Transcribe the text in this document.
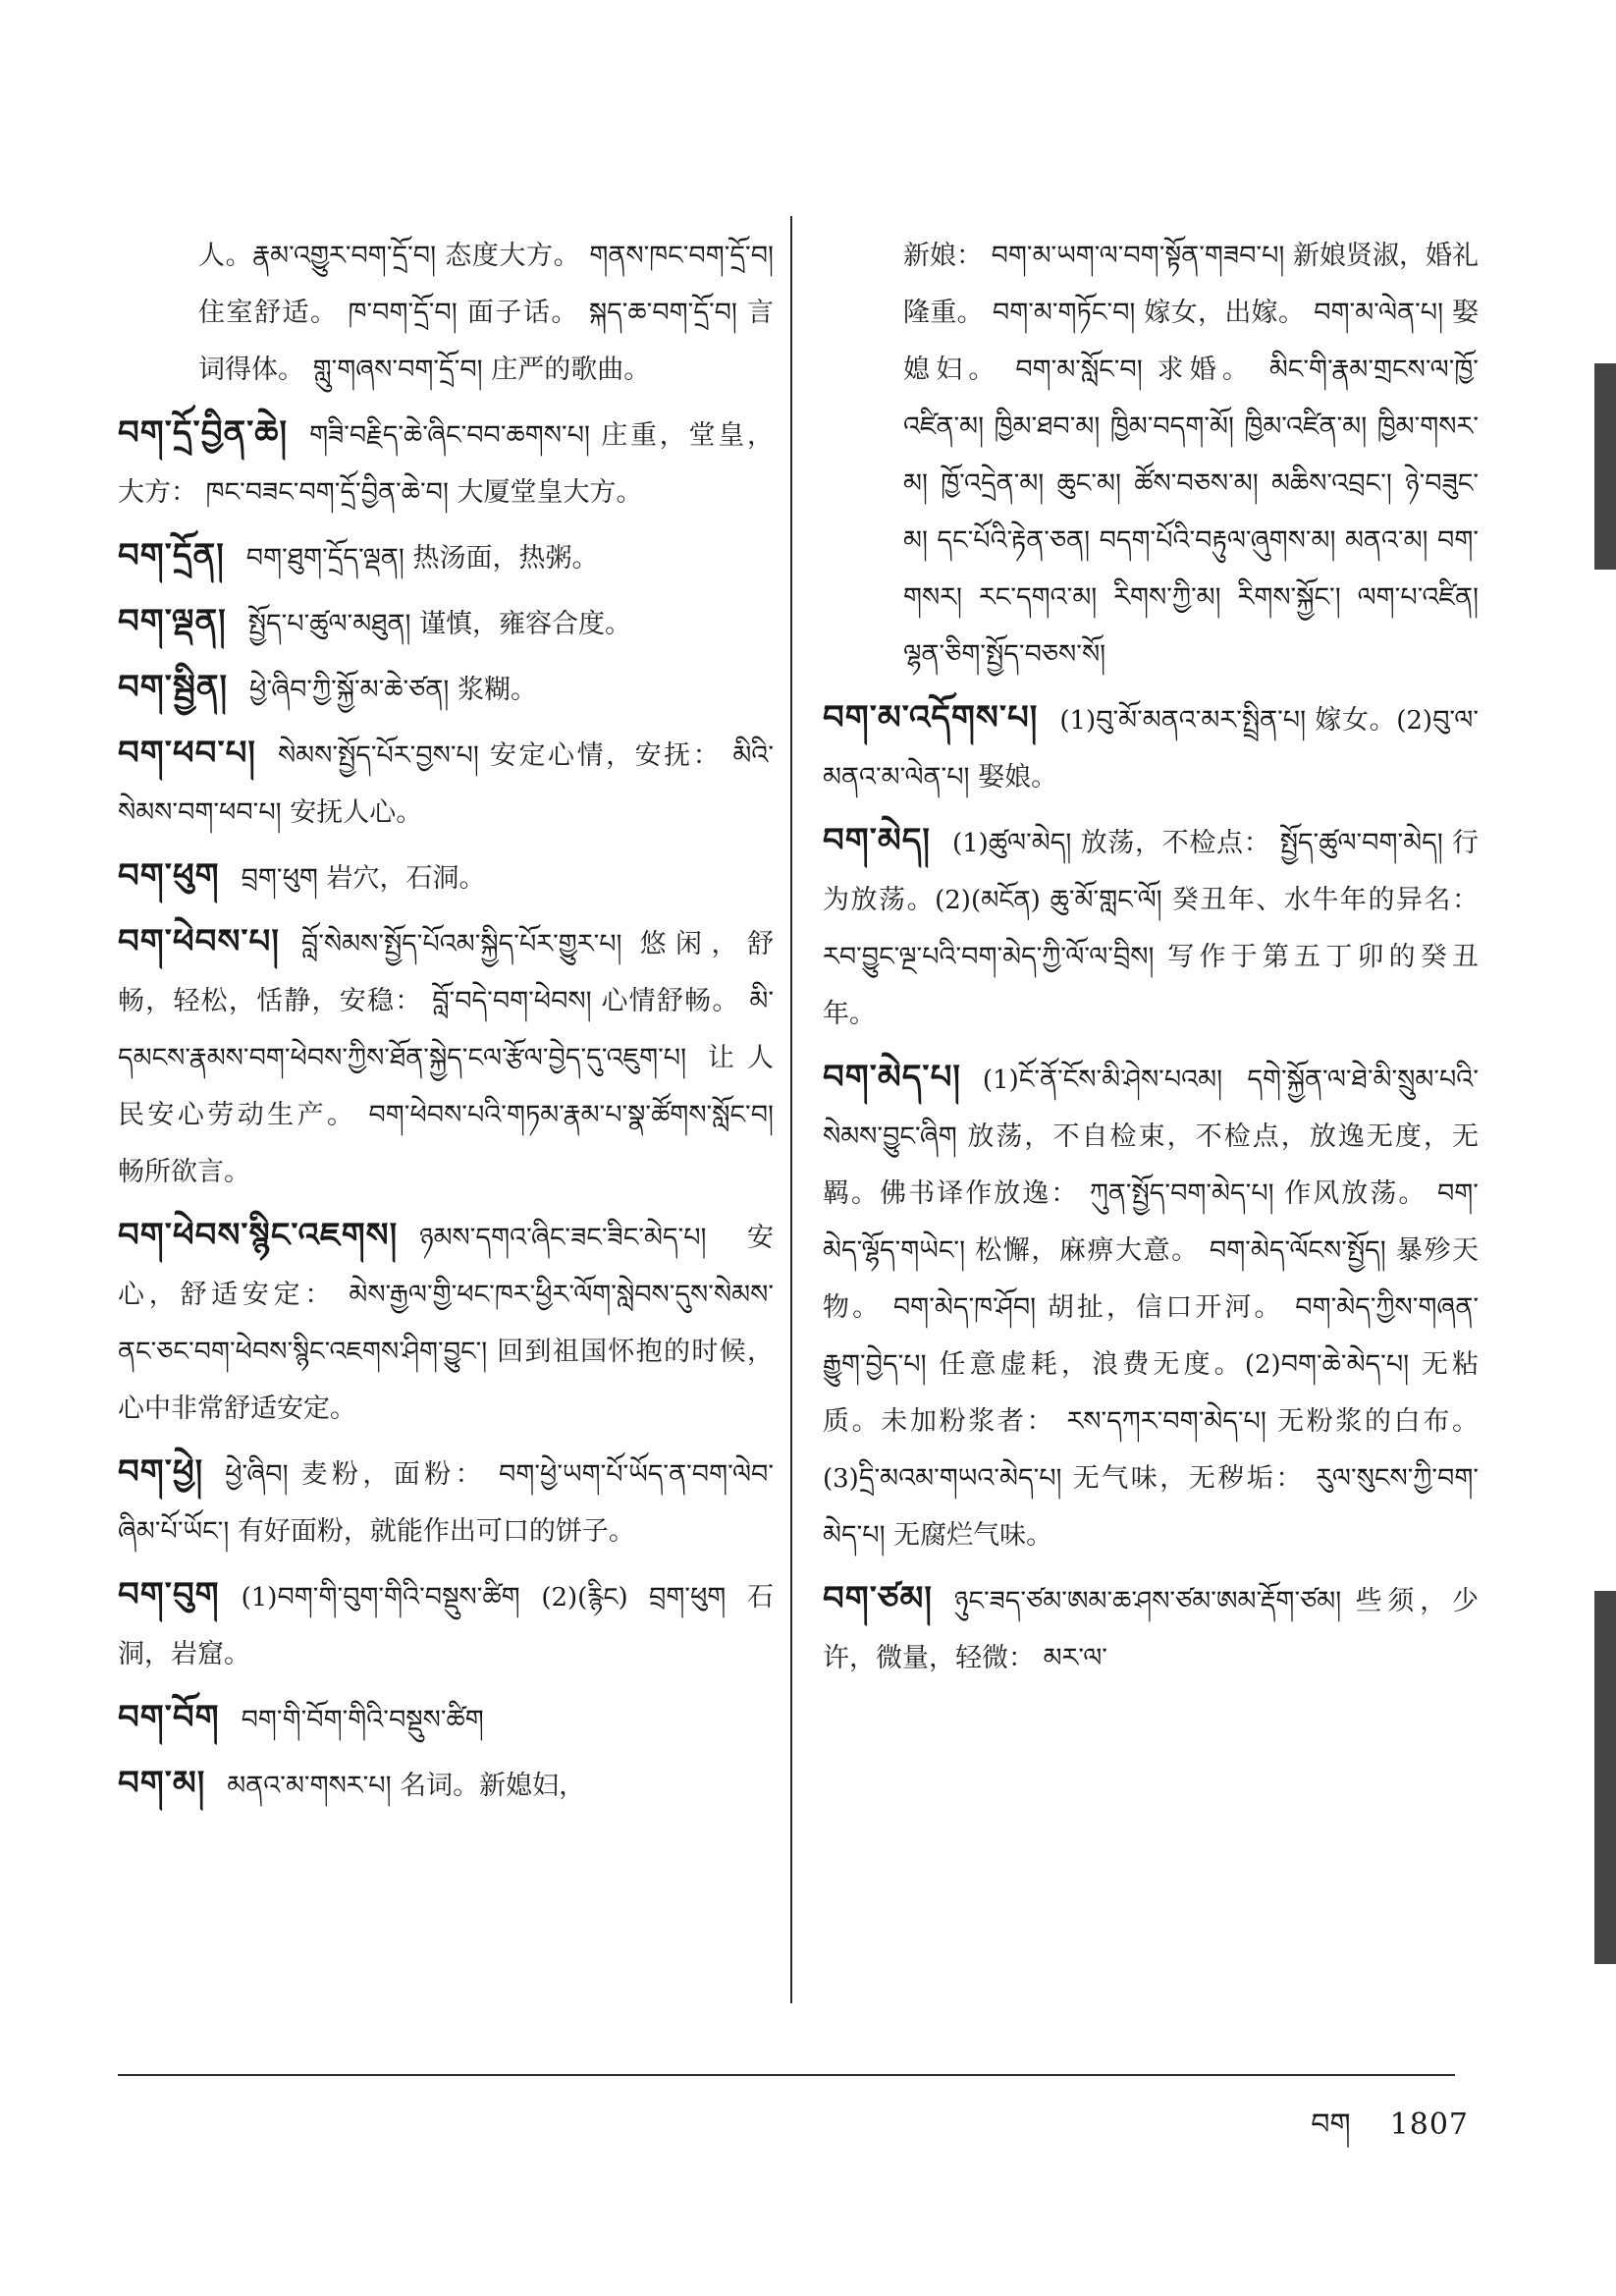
人。རྣམ་འགྱུར་བག་དྲོ་བ། 态度大方。 གནས་ཁང་བག་དྲོ་བ། 住室舒适。 ཁ་བག་དྲོ་བ། 面子话。 སྐད་ཆ་བག་དྲོ་བ། 言词得体。 གླུ་གཞས་བག་དྲོ་བ། 庄严的歌曲。

བག་དྲོ་བྱིན་ཆེ། གཟི་བརྗིད་ཆེ་ཞིང་བབ་ཆགས་པ། 庄重，堂皇，大方： ཁང་བཟང་བག་དྲོ་བྱིན་ཆེ་བ། 大厦堂皇大方。

བག་དྲོན། བག་ཐུག་དྲོད་ལྡན། 热汤面，热粥。

བག་ལྡན། སྤྱོད་པ་ཚུལ་མཐུན། 谨慎，雍容合度。

བག་སྦྱིན། ཕྱེ་ཞིབ་ཀྱི་སྐྱོ་མ་ཆེ་ཙན། 浆糊。

བག་ཕབ་པ། སེམས་སྤྱོད་པོར་བྱས་པ། 安定心情，安抚： མིའི་སེམས་བག་ཕབ་པ། 安抚人心。

བག་ཕུག བྲག་ཕུག 岩穴，石洞。

བག་ཕེབས་པ། བློ་སེམས་སྤྱོད་པོའམ་སྐྱིད་པོར་གྱུར་པ། 悠闲，舒畅，轻松，恬静，安稳： བློ་བདེ་བག་ཕེབས། 心情舒畅。 མི་དམངས་རྣམས་བག་ཕེབས་ཀྱིས་ཐོན་སྐྱེད་ངལ་རྩོལ་བྱེད་དུ་འཇུག་པ། 让人民安心劳动生产。 བག་ཕེབས་པའི་གཏམ་རྣམ་པ་སྣ་ཚོགས་སློང་བ། 畅所欲言。

བག་ཕེབས་སྙིང་འཇགས། ཉམས་དགའ་ཞིང་ཟང་ཟིང་མེད་པ། 安心，舒适安定： མེས་རྒྱལ་གྱི་ཕང་ཁར་ཕྱིར་ལོག་སླེབས་དུས་སེམས་ནང་ཅང་བག་ཕེབས་སྙིང་འཇགས་ཤིག་བྱུང་། 回到祖国怀抱的时候，心中非常舒适安定。

བག་ཕྱེ། ཕྱེ་ཞིབ། 麦粉，面粉： བག་ཕྱེ་ཡག་པོ་ཡོད་ན་བག་ལེབ་ཞིམ་པོ་ཡོང་། 有好面粉，就能作出可口的饼子。

བག་བུག (1)བག་གི་བུག་གིའི་བསྡུས་ཚིག (2)(རྙིང) བྲག་ཕུག 石洞，岩窟。

བག་བོག བག་གི་བོག་གིའི་བསྡུས་ཚིག

བག་མ། མནའ་མ་གསར་པ། 名词。新媳妇，

新娘： བག་མ་ཡག་ལ་བག་སྟོན་གཟབ་པ། 新娘贤淑，婚礼隆重。 བག་མ་གཏོང་བ། 嫁女，出嫁。 བག་མ་ལེན་པ། 娶媳妇。 བག་མ་སློང་བ། 求婚。 མིང་གི་རྣམ་གྲངས་ལ་ཁྱོ་འཛིན་མ། ཁྱིམ་ཐབ་མ། ཁྱིམ་བདག་མོ། ཁྱིམ་འཛིན་མ། ཁྱིམ་གསར་མ། ཁྱོ་འདྲེན་མ། ཆུང་མ། ཚོས་བཅས་མ། མཆིས་འབྲང་། ཉེ་བཟུང་མ། དང་པོའི་རྟེན་ཅན། བདག་པོའི་བརྟུལ་ཞུགས་མ། མནའ་མ། བག་གསར། རང་དགའ་མ། རིགས་ཀྱི་མ། རིགས་སྐྱོང་། ལག་པ་འཛིན། ལྷན་ཅིག་སྤྱོད་བཅས་སོ།

བག་མ་འདོགས་པ། (1)བུ་མོ་མནའ་མར་སྤྲིན་པ། 嫁女。(2)བུ་ལ་མནའ་མ་ལེན་པ། 娶娘。

བག་མེད། (1)ཚུལ་མེད། 放荡，不检点： སྤྱོད་ཚུལ་བག་མེད། 行为放荡。(2)(མངོན) ཆུ་མོ་གླང་ལོ། 癸丑年、水牛年的异名： རབ་བྱུང་ལྔ་པའི་བག་མེད་ཀྱི་ལོ་ལ་བྲིས། 写作于第五丁卯的癸丑年。

བག་མེད་པ། (1)ངོ་ནོ་ངོས་མི་ཤེས་པའམ། དགེ་སྐྱོན་ལ་ཐེ་མི་སྲུམ་པའི་སེམས་བྱུང་ཞིག 放荡，不自检束，不检点，放逸无度，无羁。佛书译作放逸： ཀུན་སྤྱོད་བག་མེད་པ། 作风放荡。 བག་མེད་ལྷོད་གཡེང་། 松懈，麻痹大意。 བག་མེད་ལོངས་སྤྱོད། 暴殄天物。 བག་མེད་ཁ་ཤོབ། 胡扯，信口开河。 བག་མེད་ཀྱིས་གཞན་རྒྱུག་བྱེད་པ། 任意虚耗，浪费无度。(2)བག་ཆེ་མེད་པ། 无粘质。未加粉浆者： རས་དཀར་བག་མེད་པ། 无粉浆的白布。(3)དྲི་མའམ་གཡའ་མེད་པ། 无气味，无秽垢： རུལ་སུངས་ཀྱི་བག་མེད་པ། 无腐烂气味。

བག་ཙམ། ཉུང་ཟད་ཙམ་ཨམ་ཆ་ཤས་ཙམ་ཨམ་རྡོག་ཙམ། 些须，少许，微量，轻微： མར་ལ་

བག 1807
